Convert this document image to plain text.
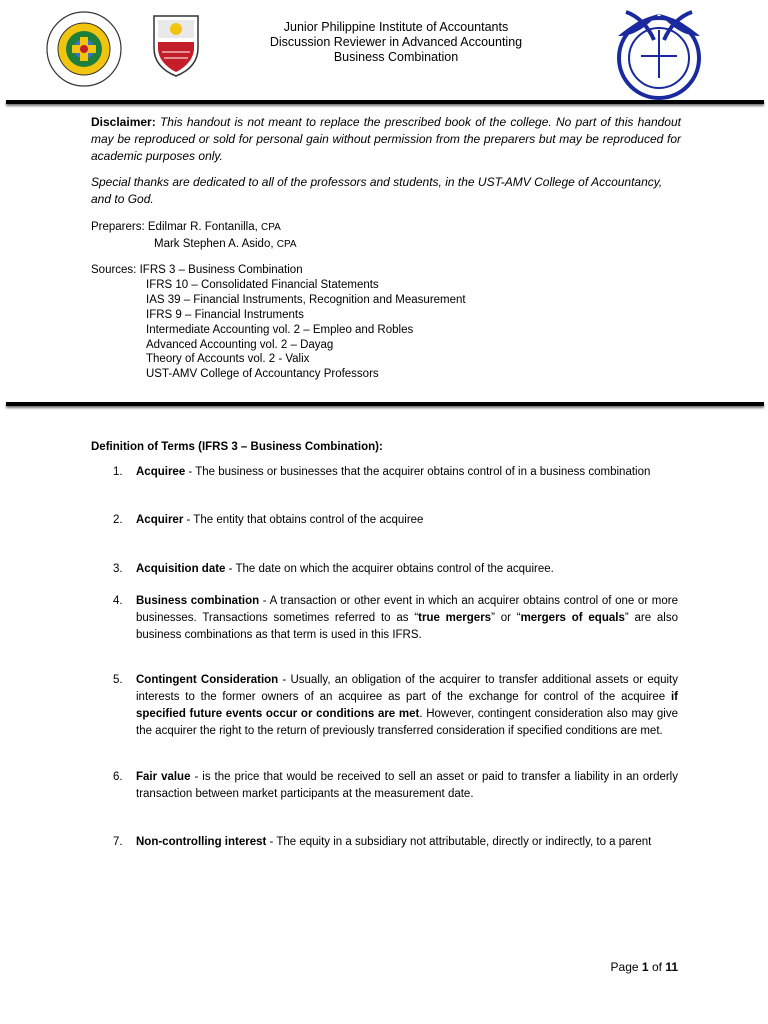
Junior Philippine Institute of Accountants
Discussion Reviewer in Advanced Accounting
Business Combination

Disclaimer: This handout is not meant to replace the prescribed book of the college. No part of this handout may be reproduced or sold for personal gain without permission from the preparers but may be reproduced for academic purposes only.

Special thanks are dedicated to all of the professors and students, in the UST-AMV College of Accountancy, and to God.
Preparers: Edilmar R. Fontanilla, CPA
Mark Stephen A. Asido, CPA
Sources: IFRS 3 – Business Combination
IFRS 10 – Consolidated Financial Statements
IAS 39 – Financial Instruments, Recognition and Measurement
IFRS 9 – Financial Instruments
Intermediate Accounting vol. 2 – Empleo and Robles
Advanced Accounting vol. 2 – Dayag
Theory of Accounts vol. 2 - Valix
UST-AMV College of Accountancy Professors
Definition of Terms (IFRS 3 – Business Combination):
1.	Acquiree - The business or businesses that the acquirer obtains control of in a business combination
2.	Acquirer - The entity that obtains control of the acquiree
3.	Acquisition date - The date on which the acquirer obtains control of the acquiree.
4.	Business combination - A transaction or other event in which an acquirer obtains control of one or more businesses. Transactions sometimes referred to as “true mergers” or “mergers of equals” are also business combinations as that term is used in this IFRS.
5.	Contingent Consideration - Usually, an obligation of the acquirer to transfer additional assets or equity interests to the former owners of an acquiree as part of the exchange for control of the acquiree if specified future events occur or conditions are met. However, contingent consideration also may give the acquirer the right to the return of previously transferred consideration if specified conditions are met.
6.	Fair value - is the price that would be received to sell an asset or paid to transfer a liability in an orderly transaction between market participants at the measurement date.
7.	Non-controlling interest - The equity in a subsidiary not attributable, directly or indirectly, to a parent
Page 1 of 11
